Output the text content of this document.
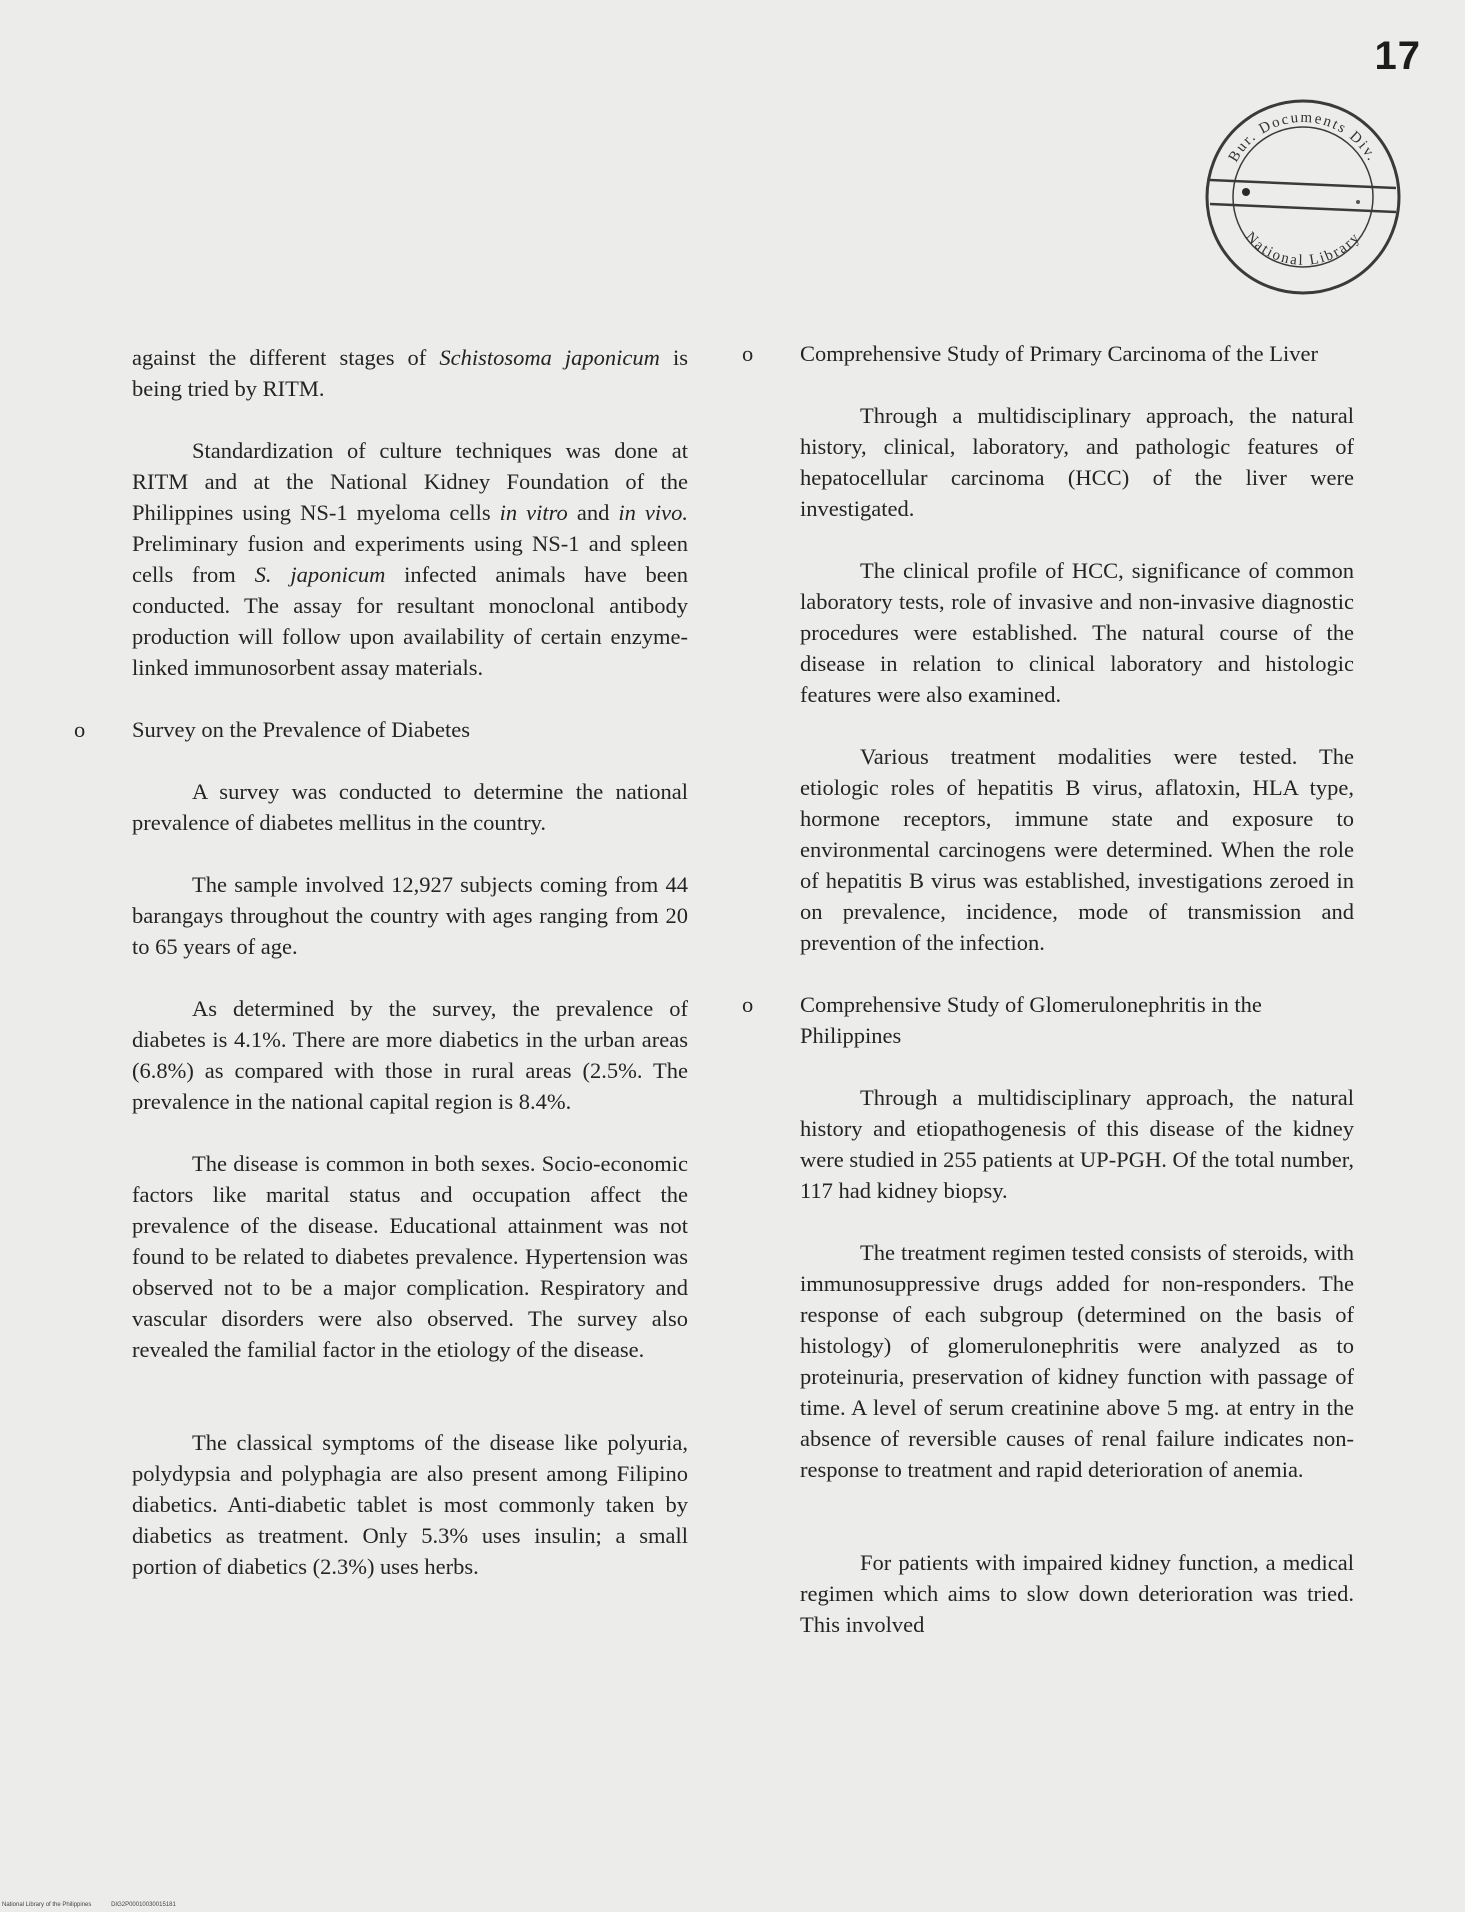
17
Bur. Documents Div.
National Library

against the different stages of Schistosoma japonicum is being tried by RITM.

Standardization of culture techniques was done at RITM and at the National Kidney Foundation of the Philippines using NS-1 myeloma cells in vitro and in vivo. Preliminary fusion and experiments using NS-1 and spleen cells from S. japonicum infected animals have been conducted. The assay for resultant monoclonal antibody production will follow upon availability of certain enzyme-linked immunosorbent assay materials.

o Survey on the Prevalence of Diabetes

A survey was conducted to determine the national prevalence of diabetes mellitus in the country.

The sample involved 12,927 subjects coming from 44 barangays throughout the country with ages ranging from 20 to 65 years of age.

As determined by the survey, the prevalence of diabetes is 4.1%. There are more diabetics in the urban areas (6.8%) as compared with those in rural areas (2.5%. The prevalence in the national capital region is 8.4%.

The disease is common in both sexes. Socio-economic factors like marital status and occupation affect the prevalence of the disease. Educational attainment was not found to be related to diabetes prevalence. Hypertension was observed not to be a major complication. Respiratory and vascular disorders were also observed. The survey also revealed the familial factor in the etiology of the disease.

The classical symptoms of the disease like polyuria, polydypsia and polyphagia are also present among Filipino diabetics. Anti-diabetic tablet is most commonly taken by diabetics as treatment. Only 5.3% uses insulin; a small portion of diabetics (2.3%) uses herbs.

o Comprehensive Study of Primary Carcinoma of the Liver

Through a multidisciplinary approach, the natural history, clinical, laboratory, and pathologic features of hepatocellular carcinoma (HCC) of the liver were investigated.

The clinical profile of HCC, significance of common laboratory tests, role of invasive and non-invasive diagnostic procedures were established. The natural course of the disease in relation to clinical laboratory and histologic features were also examined.

Various treatment modalities were tested. The etiologic roles of hepatitis B virus, aflatoxin, HLA type, hormone receptors, immune state and exposure to environmental carcinogens were determined. When the role of hepatitis B virus was established, investigations zeroed in on prevalence, incidence, mode of transmission and prevention of the infection.

o Comprehensive Study of Glomerulonephritis in the Philippines

Through a multidisciplinary approach, the natural history and etiopathogenesis of this disease of the kidney were studied in 255 patients at UP-PGH. Of the total number, 117 had kidney biopsy.

The treatment regimen tested consists of steroids, with immunosuppressive drugs added for non-responders. The response of each subgroup (determined on the basis of histology) of glomerulonephritis were analyzed as to proteinuria, preservation of kidney function with passage of time. A level of serum creatinine above 5 mg. at entry in the absence of reversible causes of renal failure indicates non-response to treatment and rapid deterioration of anemia.

For patients with impaired kidney function, a medical regimen which aims to slow down deterioration was tried. This involved

National Library of the Philippines	DIG2P00010030015181
